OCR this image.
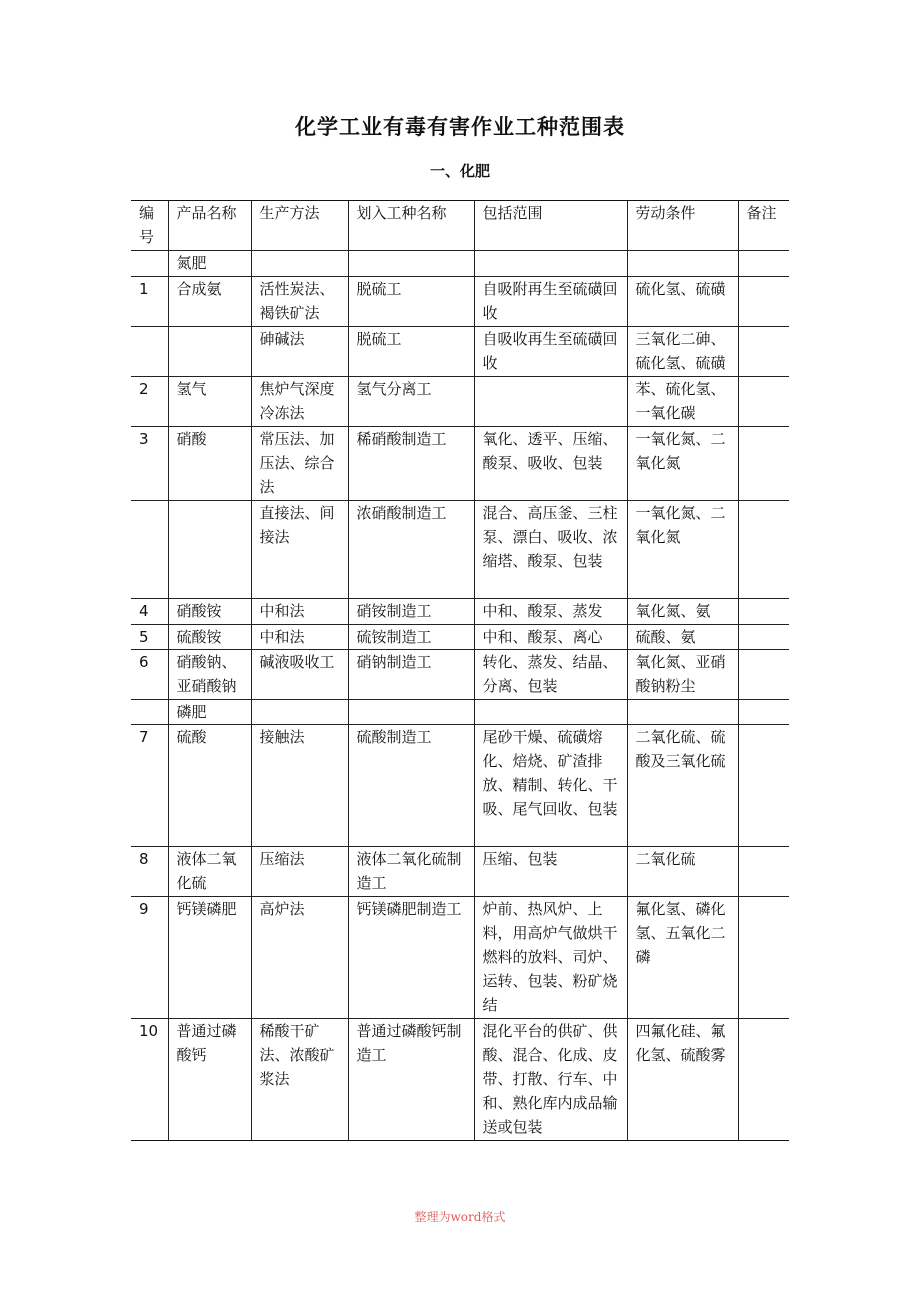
化学工业有毒有害作业工种范围表
一、化肥
编号	产品名称	生产方法	划入工种名称	包括范围	劳动条件	备注
	氮肥					
1	合成氨	活性炭法、褐铁矿法	脱硫工	自吸附再生至硫磺回收	硫化氢、硫磺	
		砷碱法	脱硫工	自吸收再生至硫磺回收	三氧化二砷、硫化氢、硫磺	
2	氢气	焦炉气深度冷冻法	氢气分离工		苯、硫化氢、一氧化碳	
3	硝酸	常压法、加压法、综合法	稀硝酸制造工	氧化、透平、压缩、酸泵、吸收、包装	一氧化氮、二氧化氮	
		直接法、间接法	浓硝酸制造工	混合、高压釜、三柱泵、漂白、吸收、浓缩塔、酸泵、包装	一氧化氮、二氧化氮	
4	硝酸铵	中和法	硝铵制造工	中和、酸泵、蒸发	氧化氮、氨	
5	硫酸铵	中和法	硫铵制造工	中和、酸泵、离心	硫酸、氨	
6	硝酸钠、亚硝酸钠	碱液吸收工	硝钠制造工	转化、蒸发、结晶、分离、包装	氧化氮、亚硝酸钠粉尘	
	磷肥					
7	硫酸	接触法	硫酸制造工	尾砂干燥、硫磺熔化、焙烧、矿渣排放、精制、转化、干吸、尾气回收、包装	二氧化硫、硫酸及三氧化硫	
8	液体二氧化硫	压缩法	液体二氧化硫制造工	压缩、包装	二氧化硫	
9	钙镁磷肥	高炉法	钙镁磷肥制造工	炉前、热风炉、上料，用高炉气做烘干燃料的放料、司炉、运转、包装、粉矿烧结	氟化氢、磷化氢、五氧化二磷	
10	普通过磷酸钙	稀酸干矿法、浓酸矿浆法	普通过磷酸钙制造工	混化平台的供矿、供酸、混合、化成、皮带、打散、行车、中和、熟化库内成品输送或包装	四氟化硅、氟化氢、硫酸雾	
整理为word格式
